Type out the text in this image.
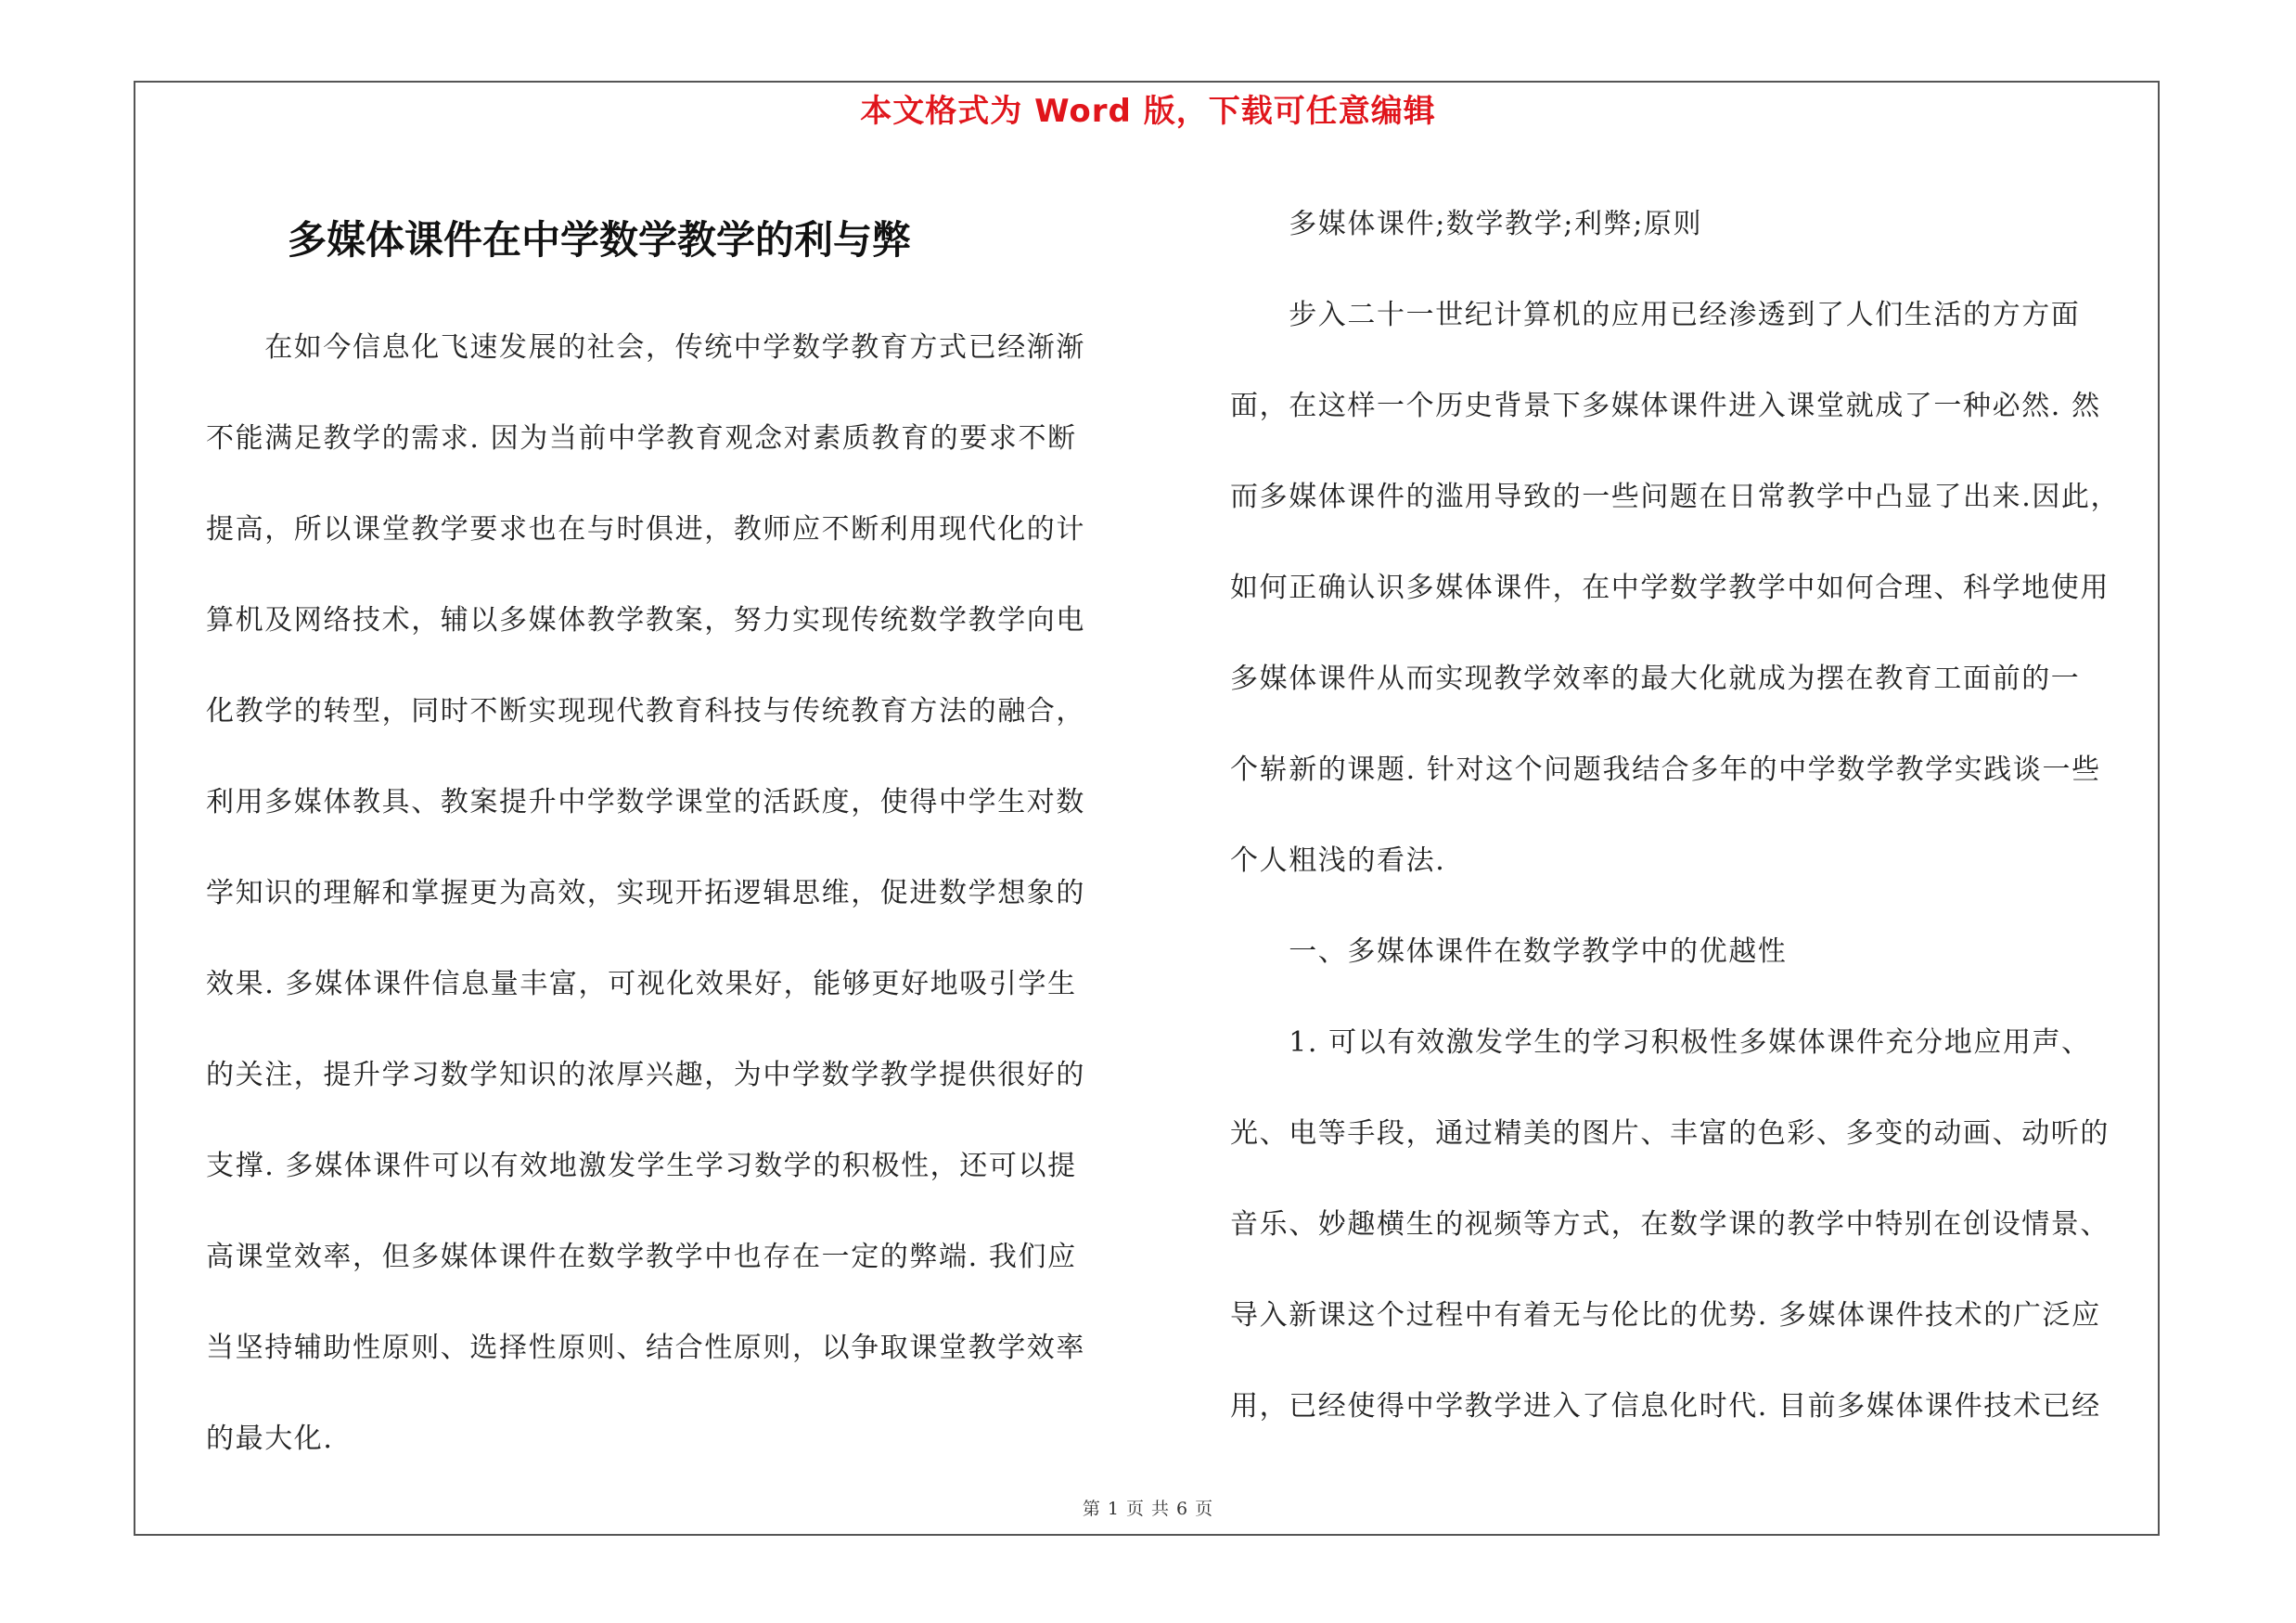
本文格式为 Word 版，下载可任意编辑
多媒体课件在中学数学教学的利与弊
　　在如今信息化飞速发展的社会，传统中学数学教育方式已经渐渐
不能满足教学的需求. 因为当前中学教育观念对素质教育的要求不断
提高，所以课堂教学要求也在与时俱进，教师应不断利用现代化的计
算机及网络技术，辅以多媒体教学教案，努力实现传统数学教学向电
化教学的转型，同时不断实现现代教育科技与传统教育方法的融合，
利用多媒体教具、教案提升中学数学课堂的活跃度，使得中学生对数
学知识的理解和掌握更为高效，实现开拓逻辑思维，促进数学想象的
效果. 多媒体课件信息量丰富，可视化效果好，能够更好地吸引学生
的关注，提升学习数学知识的浓厚兴趣，为中学数学教学提供很好的
支撑. 多媒体课件可以有效地激发学生学习数学的积极性，还可以提
高课堂效率，但多媒体课件在数学教学中也存在一定的弊端. 我们应
当坚持辅助性原则、选择性原则、结合性原则，以争取课堂教学效率
的最大化.
　　多媒体课件;数学教学;利弊;原则
　　步入二十一世纪计算机的应用已经渗透到了人们生活的方方面
面，在这样一个历史背景下多媒体课件进入课堂就成了一种必然. 然
而多媒体课件的滥用导致的一些问题在日常教学中凸显了出来.因此，
如何正确认识多媒体课件，在中学数学教学中如何合理、科学地使用
多媒体课件从而实现教学效率的最大化就成为摆在教育工面前的一
个崭新的课题. 针对这个问题我结合多年的中学数学教学实践谈一些
个人粗浅的看法.
　　一、多媒体课件在数学教学中的优越性
　　1. 可以有效激发学生的学习积极性多媒体课件充分地应用声、
光、电等手段，通过精美的图片、丰富的色彩、多变的动画、动听的
音乐、妙趣横生的视频等方式，在数学课的教学中特别在创设情景、
导入新课这个过程中有着无与伦比的优势. 多媒体课件技术的广泛应
用，已经使得中学教学进入了信息化时代. 目前多媒体课件技术已经
第 1 页 共 6 页
